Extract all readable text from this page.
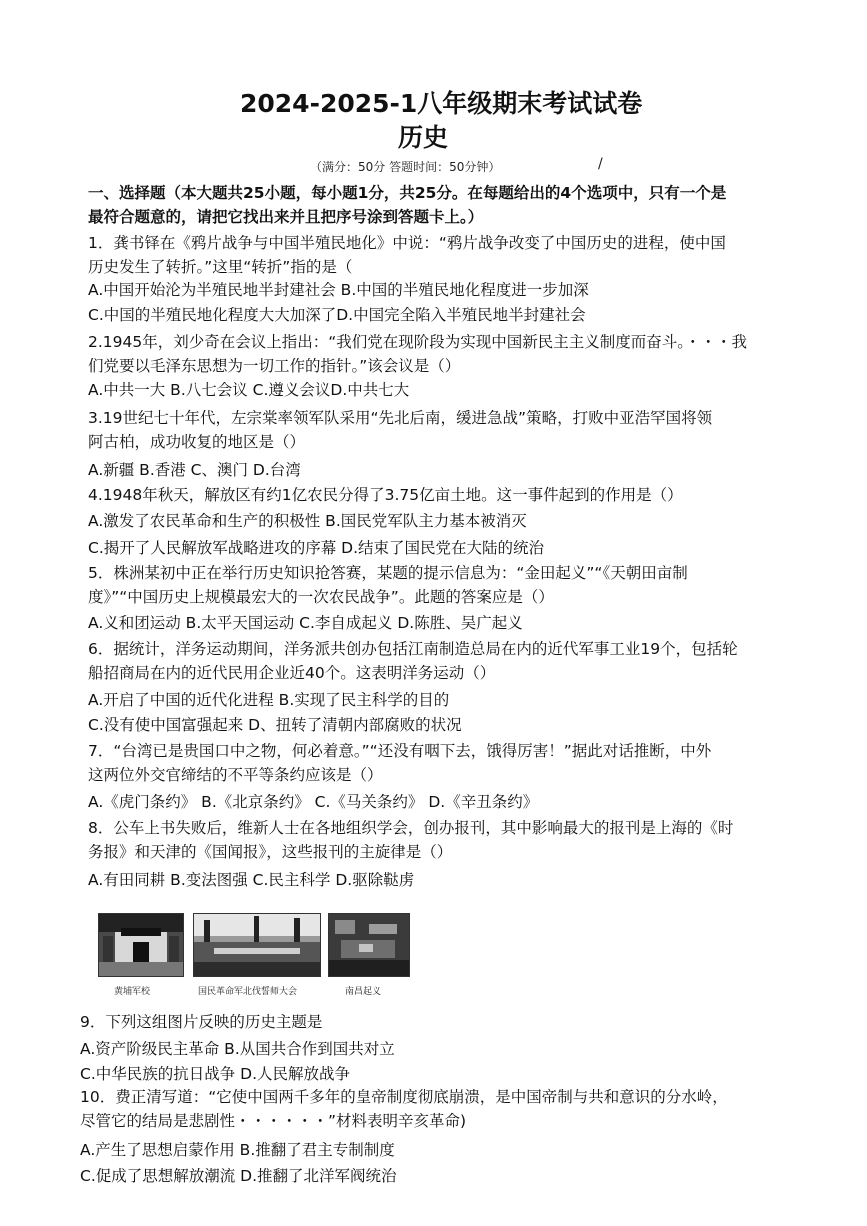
2024-2025-1八年级期末考试试卷
历史
（满分：50分 答题时间：50分钟）	/
一、选择题（本大题共25小题，每小题1分，共25分。在每题给出的4个选项中，只有一个是
最符合题意的，请把它找出来并且把序号涂到答题卡上。）
1．龚书铎在《鸦片战争与中国半殖民地化》中说：“鸦片战争改变了中国历史的进程，使中国
历史发生了转折。”这里“转折”指的是（
A.中国开始沦为半殖民地半封建社会 B.中国的半殖民地化程度进一步加深
C.中国的半殖民地化程度大大加深了D.中国完全陷入半殖民地半封建社会
2.1945年，刘少奇在会议上指出：“我们党在现阶段为实现中国新民主主义制度而奋斗。・・・我
们党要以毛泽东思想为一切工作的指针。”该会议是（）
A.中共一大 B.八七会议 C.遵义会议D.中共七大
3.19世纪七十年代，左宗棠率领军队采用“先北后南，缓进急战”策略，打败中亚浩罕国将领
阿古柏，成功收复的地区是（）
A.新疆 B.香港 C、澳门 D.台湾
4.1948年秋天，解放区有约1亿农民分得了3.75亿亩土地。这一事件起到的作用是（）
A.激发了农民革命和生产的积极性 B.国民党军队主力基本被消灭
C.揭开了人民解放军战略进攻的序幕 D.结束了国民党在大陆的统治
5．株洲某初中正在举行历史知识抢答赛，某题的提示信息为：“金田起义”“《天朝田亩制
度》”“中国历史上规模最宏大的一次农民战争”。此题的答案应是（）
A.义和团运动 B.太平天国运动 C.李自成起义 D.陈胜、吴广起义
6．据统计，洋务运动期间，洋务派共创办包括江南制造总局在内的近代军事工业19个，包括轮
船招商局在内的近代民用企业近40个。这表明洋务运动（）
A.开启了中国的近代化进程 B.实现了民主科学的目的
C.没有使中国富强起来 D、扭转了清朝内部腐败的状况
7．“台湾已是贵国口中之物，何必着意。”“还没有咽下去，饿得厉害！”据此对话推断，中外
这两位外交官缔结的不平等条约应该是（）
A.《虎门条约》 B.《北京条约》 C.《马关条约》 D.《辛丑条约》
8．公车上书失败后，维新人士在各地组织学会，创办报刊，其中影响最大的报刊是上海的《时
务报》和天津的《国闻报》，这些报刊的主旋律是（）
A.有田同耕 B.变法图强 C.民主科学 D.驱除鞑虏
黄埔军校	国民革命军北伐誓师大会	南昌起义
9．下列这组图片反映的历史主题是
A.资产阶级民主革命 B.从国共合作到国共对立
C.中华民族的抗日战争 D.人民解放战争
10．费正清写道：“它使中国两千多年的皇帝制度彻底崩溃，是中国帝制与共和意识的分水岭，
尽管它的结局是悲剧性・・・・・・”材料表明辛亥革命)
A.产生了思想启蒙作用 B.推翻了君主专制制度
C.促成了思想解放潮流 D.推翻了北洋军阀统治
